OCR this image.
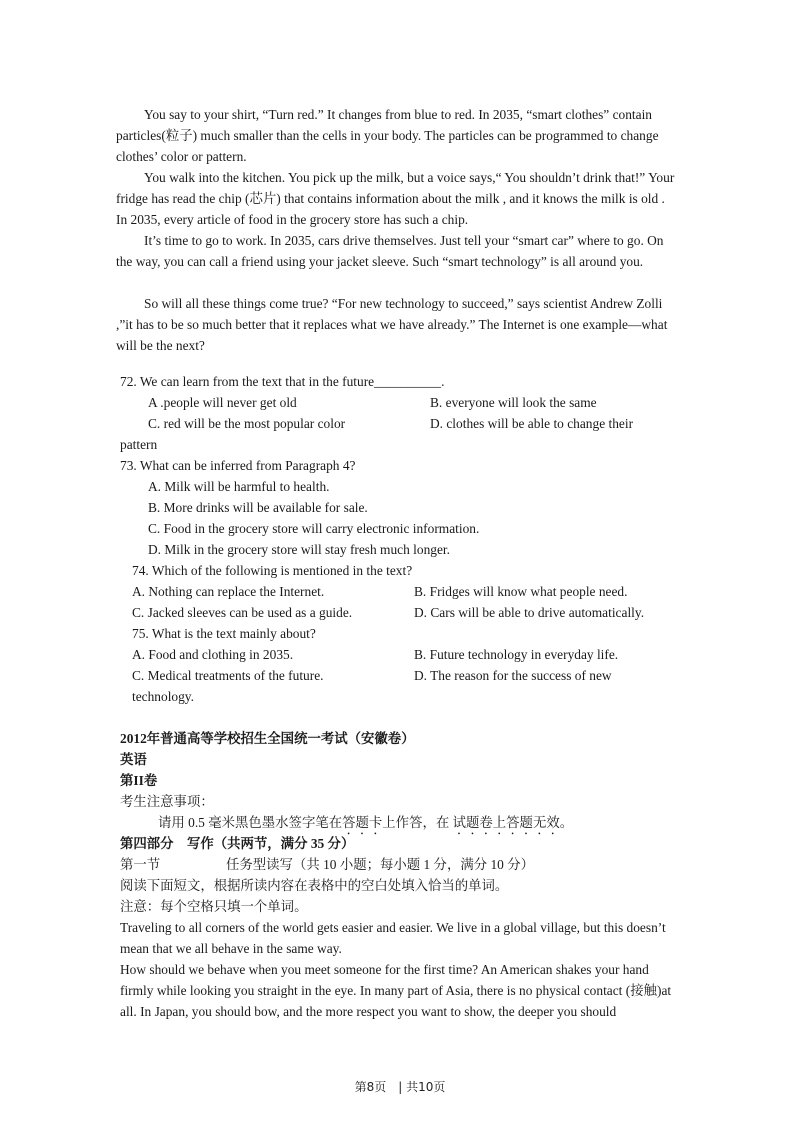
You say to your shirt, “Turn red.” It changes from blue to red. In 2035, “smart clothes” contain particles(粒子) much smaller than the cells in your body. The particles can be programmed to change clothes’ color or pattern.

You walk into the kitchen. You pick up the milk, but a voice says,“ You shouldn’t drink that!” Your fridge has read the chip (芯片) that contains information about the milk , and it knows the milk is old . In 2035, every article of food in the grocery store has such a chip.

It’s time to go to work. In 2035, cars drive themselves. Just tell your “smart car” where to go. On the way, you can call a friend using your jacket sleeve. Such “smart technology” is all around you.

So will all these things come true? “For new technology to succeed,” says scientist Andrew Zolli ,”it has to be so much better that it replaces what we have already.” The Internet is one example—what will be the next?

72. We can learn from the text that in the future__________.

A .people will never get old	B. everyone will look the same

C. red will be the most popular color	D. clothes will be able to change their

pattern

73. What can be inferred from Paragraph 4?

A. Milk will be harmful to health.

B. More drinks will be available for sale.

C. Food in the grocery store will carry electronic information.

D. Milk in the grocery store will stay fresh much longer.

74. Which of the following is mentioned in the text?

A. Nothing can replace the Internet.	B. Fridges will know what people need.

C. Jacked sleeves can be used as a guide.	D. Cars will be able to drive automatically.

75. What is the text mainly about?

A. Food and clothing in 2035.	B. Future technology in everyday life.

C. Medical treatments of the future.	D. The reason for the success of new

technology.

2012年普通高等学校招生全国统一考试（安徽卷）

英语

第II卷

考生注意事项：

请用 0.5 毫米黑色墨水签字笔在答题卡上作答，在 试题卷上答题无效。

第四部分　写作（共两节，满分 35 分）

第一节	任务型读写（共 10 小题；每小题 1 分，满分 10 分）

阅读下面短文，根据所读内容在表格中的空白处填入恰当的单词。

注意：每个空格只填一个单词。

Traveling to all corners of the world gets easier and easier. We live in a global village, but this doesn’t mean that we all behave in the same way.

How should we behave when you meet someone for the first time? An American shakes your hand firmly while looking you straight in the eye. In many part of Asia, there is no physical contact (接触)at all. In Japan, you should bow, and the more respect you want to show, the deeper you should

第8页　| 共10页
